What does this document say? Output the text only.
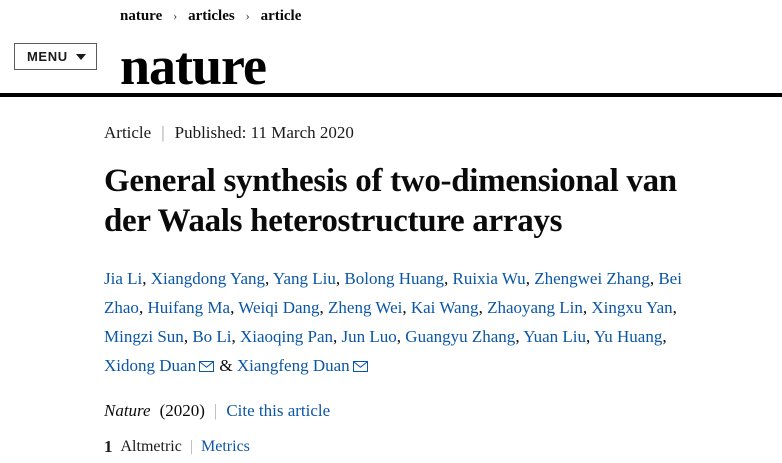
nature › articles › article
MENU nature
Article | Published: 11 March 2020
General synthesis of two-dimensional van der Waals heterostructure arrays
Jia Li, Xiangdong Yang, Yang Liu, Bolong Huang, Ruixia Wu, Zhengwei Zhang, Bei Zhao, Huifang Ma, Weiqi Dang, Zheng Wei, Kai Wang, Zhaoyang Lin, Xingxu Yan, Mingzi Sun, Bo Li, Xiaoqing Pan, Jun Luo, Guangyu Zhang, Yuan Liu, Yu Huang, Xidong Duan & Xiangfeng Duan
Nature (2020) | Cite this article
1 Altmetric | Metrics
